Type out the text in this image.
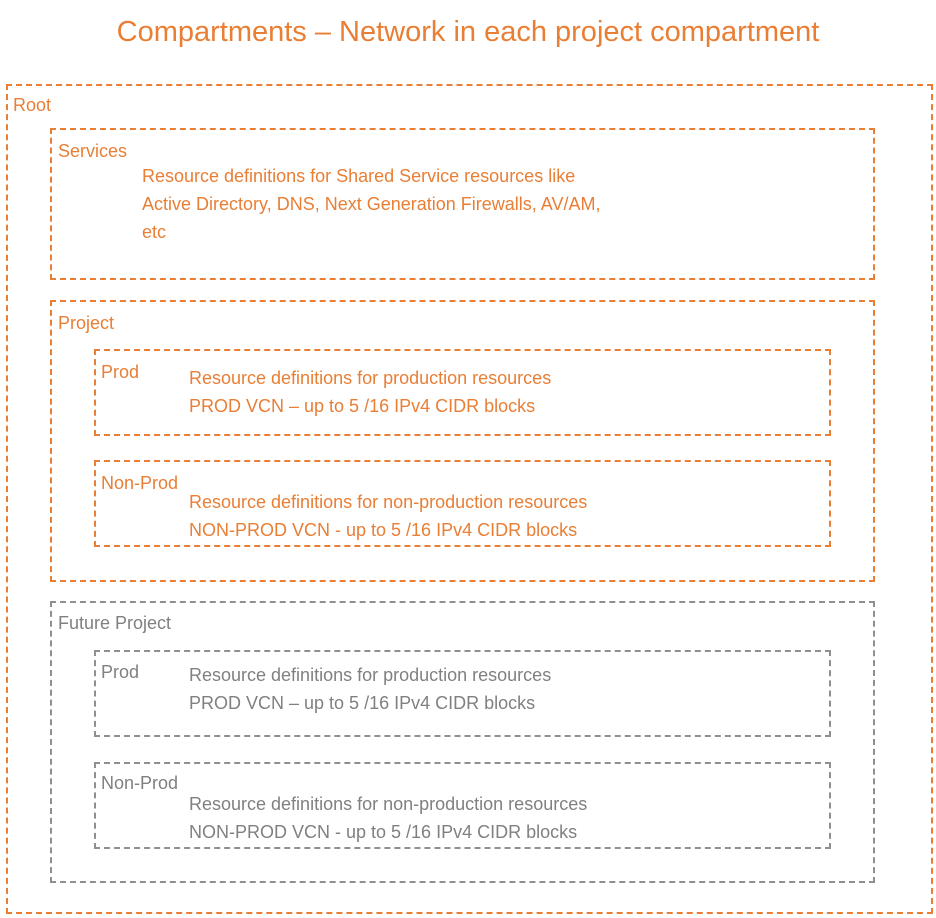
Compartments – Network in each project compartment
Root
Services
Resource definitions for Shared Service resources like
Active Directory, DNS, Next Generation Firewalls, AV/AM,
etc
Project
Prod	Resource definitions for production resources
PROD VCN – up to 5 /16 IPv4 CIDR blocks
Non-Prod
Resource definitions for non-production resources
NON-PROD VCN - up to 5 /16 IPv4 CIDR blocks
Future Project
Prod	Resource definitions for production resources
PROD VCN – up to 5 /16 IPv4 CIDR blocks
Non-Prod
Resource definitions for non-production resources
NON-PROD VCN - up to 5 /16 IPv4 CIDR blocks
